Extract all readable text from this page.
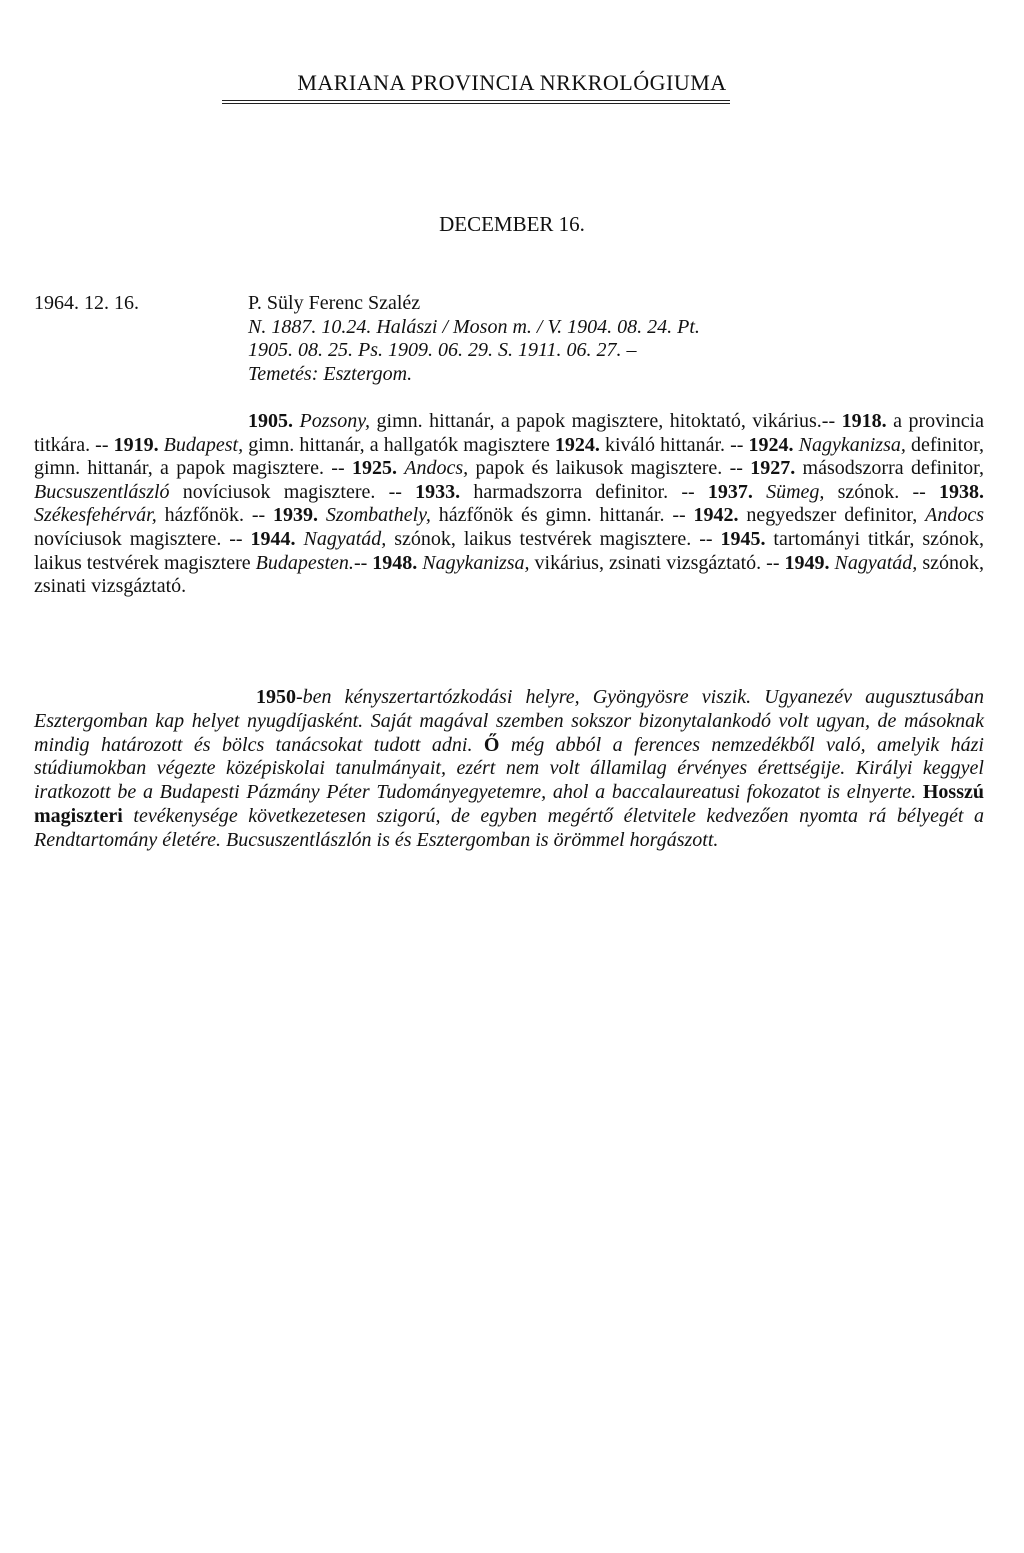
MARIANA PROVINCIA NRKROLÓGIUMA
DECEMBER 16.
1964. 12. 16.	P. Süly Ferenc Szaléz
N. 1887. 10.24. Halászi / Moson m. / V. 1904. 08. 24. Pt.
1905. 08. 25. Ps. 1909. 06. 29. S. 1911. 06. 27. –
Temetés: Esztergom.

1905. Pozsony, gimn. hittanár, a papok magisztere, hitoktató, vikárius.-- 1918. a provincia titkára. -- 1919. Budapest, gimn. hittanár, a hallgatók magisztere 1924. kiváló hittanár. -- 1924. Nagykanizsa, definitor, gimn. hittanár, a papok magisztere. -- 1925. Andocs, papok és laikusok magisztere. -- 1927. másodszorra definitor, Bucsuszentlászló novíciusok magisztere. -- 1933. harmadszorra definitor. -- 1937. Sümeg, szónok. -- 1938. Székesfehérvár, házfőnök. -- 1939. Szombathely, házfőnök és gimn. hittanár. -- 1942. negyedszer definitor, Andocs novíciusok magisztere. -- 1944. Nagyatád, szónok, laikus testvérek magisztere. -- 1945. tartományi titkár, szónok, laikus testvérek magisztere Budapesten.-- 1948. Nagykanizsa, vikárius, zsinati vizsgáztató. -- 1949. Nagyatád, szónok, zsinati vizsgáztató.

1950-ben kényszertartózkodási helyre, Gyöngyösre viszik. Ugyanezév augusztusában Esztergomban kap helyet nyugdíjasként. Saját magával szemben sokszor bizonytalankodó volt ugyan, de másoknak mindig határozott és bölcs tanácsokat tudott adni. Ő még abból a ferences nemzedékből való, amelyik házi stúdiumokban végezte középiskolai tanulmányait, ezért nem volt államilag érvényes érettségije. Királyi keggyel iratkozott be a Budapesti Pázmány Péter Tudományegyetemre, ahol a baccalaureatusi fokozatot is elnyerte. Hosszú magiszteri tevékenysége következetesen szigorú, de egyben megértő életvitele kedvezően nyomta rá bélyegét a Rendtartomány életére. Bucsuszentlászlón is és Esztergomban is örömmel horgászott.
